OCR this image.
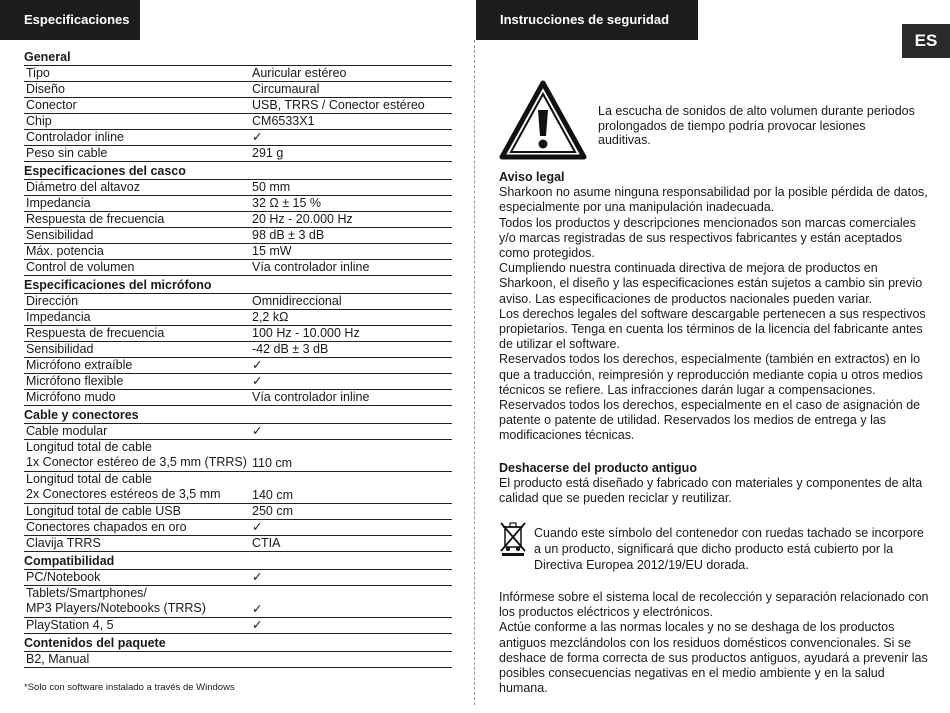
Especificaciones	Instrucciones de seguridad
ES
General
Tipo	Auricular estéreo
Diseño	Circumaural
Conector	USB, TRRS / Conector estéreo
Chip	CM6533X1
Controlador inline	✓
Peso sin cable	291 g
Especificaciones del casco
Diámetro del altavoz	50 mm
Impedancia	32 Ω ± 15 %
Respuesta de frecuencia	20 Hz - 20.000 Hz
Sensibilidad	98 dB ± 3 dB
Máx. potencia	15 mW
Control de volumen	Vía controlador inline
Especificaciones del micrófono
Dirección	Omnidireccional
Impedancia	2,2 kΩ
Respuesta de frecuencia	100 Hz - 10.000 Hz
Sensibilidad	-42 dB ± 3 dB
Micrófono extraíble	✓
Micrófono flexible	✓
Micrófono mudo	Vía controlador inline
Cable y conectores
Cable modular	✓
Longitud total de cable
1x Conector estéreo de 3,5 mm (TRRS) 110 cm
Longitud total de cable
2x Conectores estéreos de 3,5 mm	140 cm
Longitud total de cable USB	250 cm
Conectores chapados en oro	✓
Clavija TRRS	CTIA
Compatibilidad
PC/Notebook	✓
Tablets/Smartphones/
MP3 Players/Notebooks (TRRS)	✓
PlayStation 4, 5	✓
Contenidos del paquete
B2, Manual
*Solo con software instalado a través de Windows
La escucha de sonidos de alto volumen durante periodos prolongados de tiempo podría provocar lesiones auditivas.
Aviso legal
Sharkoon no asume ninguna responsabilidad por la posible pérdida de datos, especialmente por una manipulación inadecuada.
Todos los productos y descripciones mencionados son marcas comerciales y/o marcas registradas de sus respectivos fabricantes y están aceptados como protegidos.
Cumpliendo nuestra continuada directiva de mejora de productos en Sharkoon, el diseño y las especificaciones están sujetos a cambio sin previo aviso. Las especificaciones de productos nacionales pueden variar.
Los derechos legales del software descargable pertenecen a sus respectivos propietarios. Tenga en cuenta los términos de la licencia del fabricante antes de utilizar el software.
Reservados todos los derechos, especialmente (también en extractos) en lo que a traducción, reimpresión y reproducción mediante copia u otros medios técnicos se refiere. Las infracciones darán lugar a compensaciones.
Reservados todos los derechos, especialmente en el caso de asignación de patente o patente de utilidad. Reservados los medios de entrega y las modificaciones técnicas.
Deshacerse del producto antiguo
El producto está diseñado y fabricado con materiales y componentes de alta calidad que se pueden reciclar y reutilizar.
Cuando este símbolo del contenedor con ruedas tachado se incorpore a un producto, significará que dicho producto está cubierto por la Directiva Europea 2012/19/EU dorada.
Infórmese sobre el sistema local de recolección y separación relacionado con los productos eléctricos y electrónicos.
Actúe conforme a las normas locales y no se deshaga de los productos antiguos mezclándolos con los residuos domésticos convencionales. Si se deshace de forma correcta de sus productos antiguos, ayudará a prevenir las posibles consecuencias negativas en el medio ambiente y en la salud humana.
